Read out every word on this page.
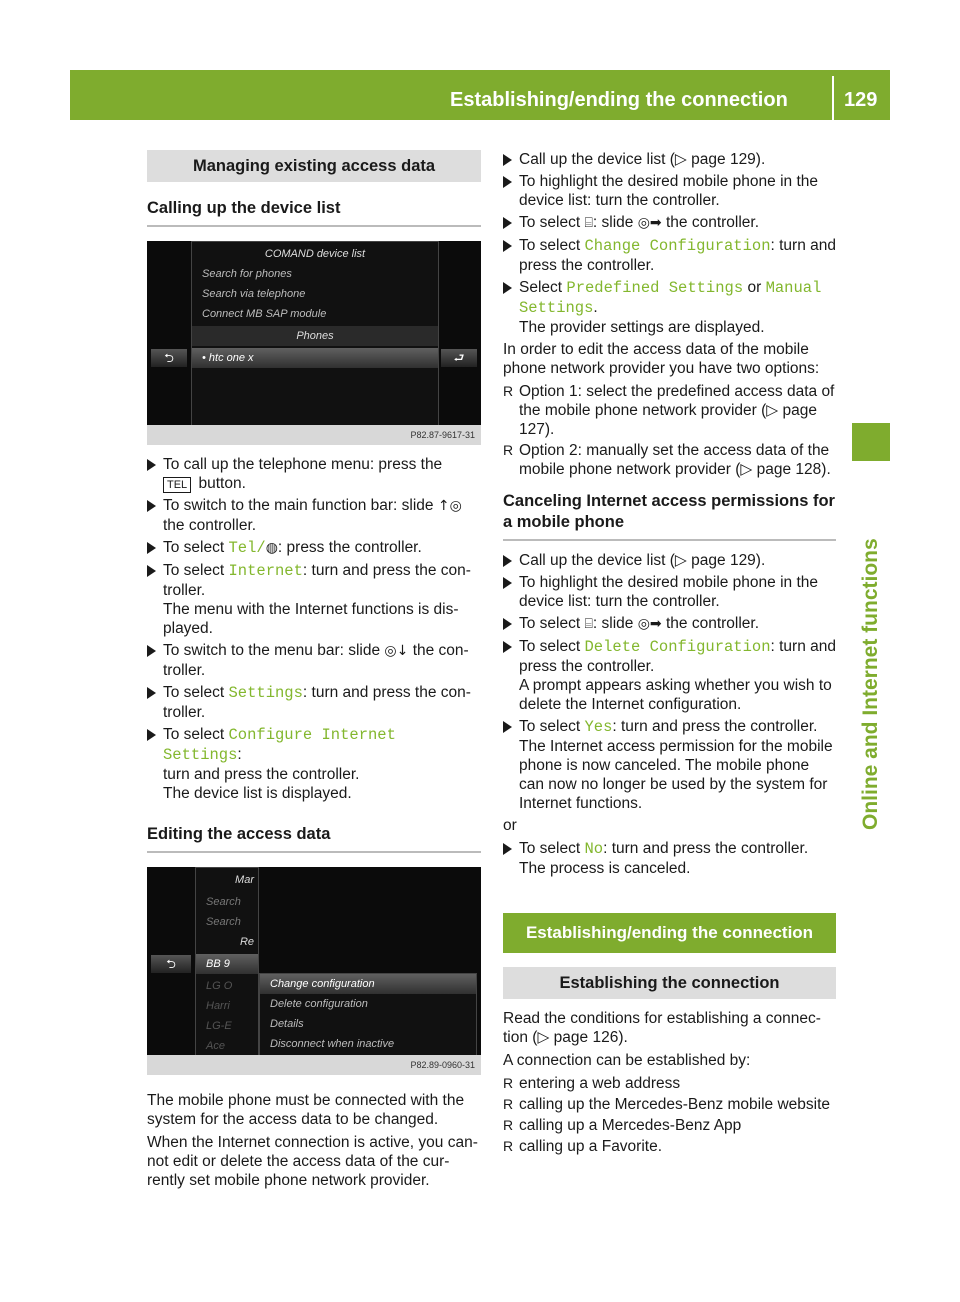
Establishing/ending the connection	129
Online and Internet functions
Managing existing access data
Calling up the device list
⮌	⮐
COMAND device list
Search for phones
Search via telephone
Connect MB SAP module
Phones
• htc one x
P82.87-9617-31
To call up the telephone menu: press the
TEL button.
To switch to the main function bar: slide ↑◎
the controller.
To select Tel/◍: press the controller.
To select Internet: turn and press the con-troller.
The menu with the Internet functions is dis-played.
To switch to the menu bar: slide ◎↓ the con-troller.
To select Settings: turn and press the con-troller.
To select Configure Internet Settings:
turn and press the controller.
The device list is displayed.
Editing the access data
⮌
Mar
Search
Search
Re
BB 9
LG O
Harri
LG-E
Ace
Change configuration
Delete configuration
Details
Disconnect when inactive
P82.89-0960-31

The mobile phone must be connected with the system for the access data to be changed.

When the Internet connection is active, you can-not edit or delete the access data of the cur-rently set mobile phone network provider.

Call up the device list (▷ page 129).
To highlight the desired mobile phone in the device list: turn the controller.
To select ⌸: slide ◎➡ the controller.
To select Change Configuration: turn and press the controller.
Select Predefined Settings or Manual Settings.
The provider settings are displayed.

In order to edit the access data of the mobile phone network provider you have two options:

R Option 1: select the predefined access data of the mobile phone network provider (▷ page 127).
R Option 2: manually set the access data of the mobile phone network provider (▷ page 128).
Canceling Internet access permissions for a mobile phone
Call up the device list (▷ page 129).
To highlight the desired mobile phone in the device list: turn the controller.
To select ⌸: slide ◎➡ the controller.
To select Delete Configuration: turn and press the controller.
A prompt appears asking whether you wish to delete the Internet configuration.
To select Yes: turn and press the controller.
The Internet access permission for the mobile phone is now canceled. The mobile phone can now no longer be used by the system for Internet functions.

or

To select No: turn and press the controller.
The process is canceled.
Establishing/ending the connection
Establishing the connection

Read the conditions for establishing a connec-tion (▷ page 126).

A connection can be established by:

R entering a web address
R calling up the Mercedes-Benz mobile website
R calling up a Mercedes-Benz App
R calling up a Favorite.
